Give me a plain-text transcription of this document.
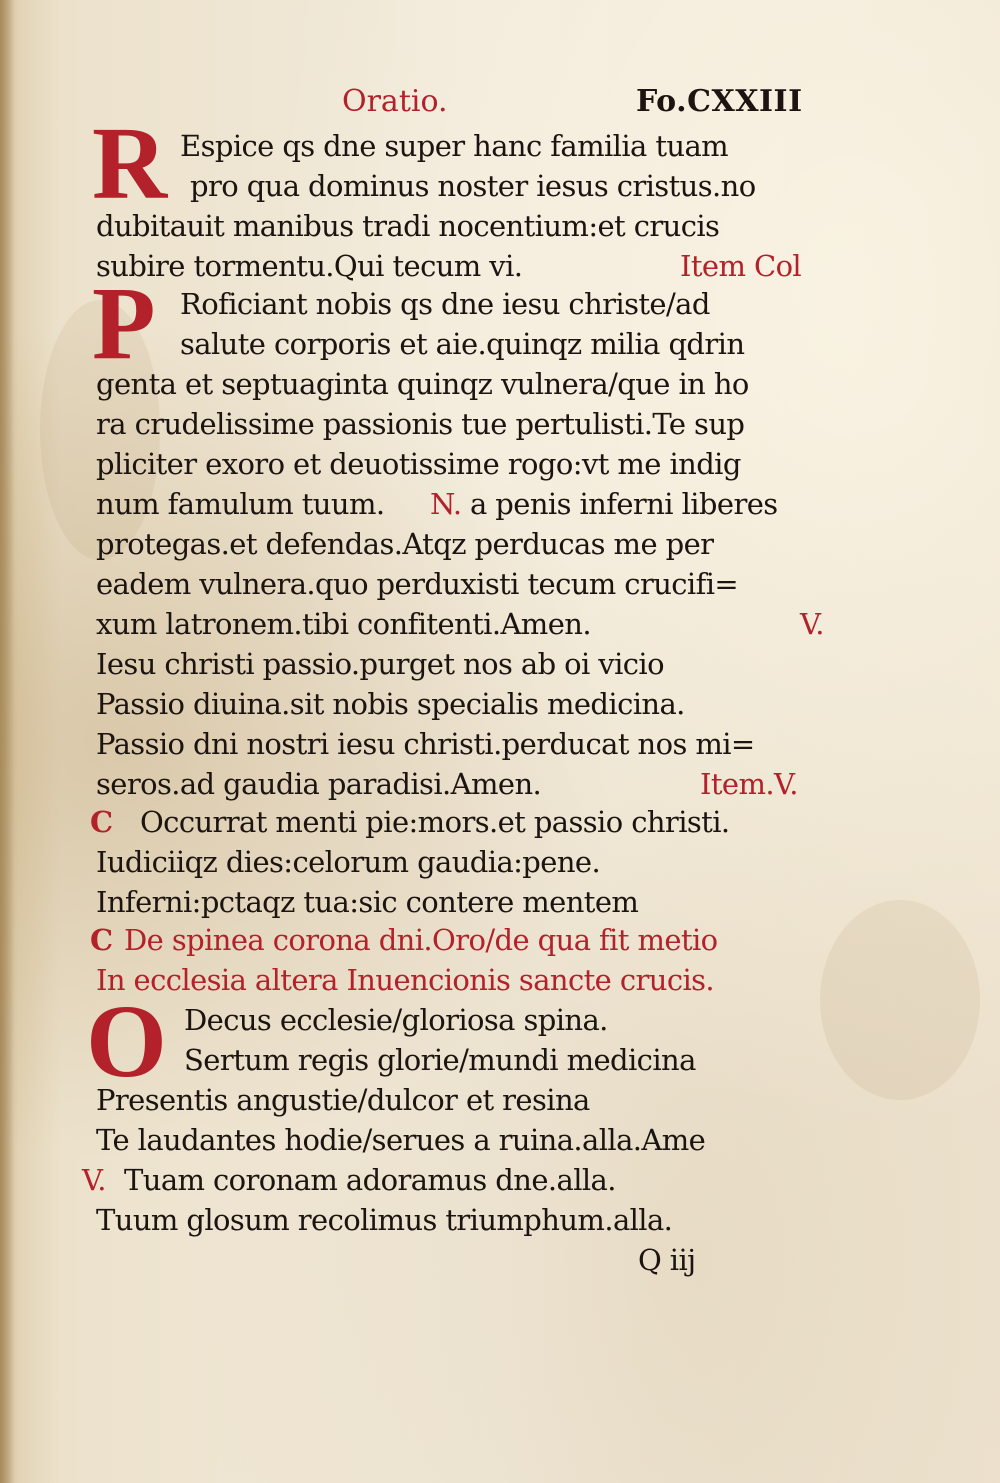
Oratio.	Fo.CXXIII
R
P
O
Espice qs dne super hanc familia tuam
pro qua dominus noster iesus cristus.no
dubitauit manibus tradi nocentium:et crucis
subire tormentu.Qui tecum vi.	Item Col
Roficiant nobis qs dne iesu christe/ad
salute corporis et aie.quinqz milia qdrin
genta et septuaginta quinqz vulnera/que in ho
ra crudelissime passionis tue pertulisti.Te sup
pliciter exoro et deuotissime rogo:vt me indig
num famulum tuum. N. a penis inferni liberes
protegas.et defendas.Atqz perducas me per
eadem vulnera.quo perduxisti tecum crucifi=
xum latronem.tibi confitenti.Amen.	V.
Iesu christi passio.purget nos ab oi vicio
Passio diuina.sit nobis specialis medicina.
Passio dni nostri iesu christi.perducat nos mi=
seros.ad gaudia paradisi.Amen.	Item.V.
C Occurrat menti pie:mors.et passio christi.
Iudiciiqz dies:celorum gaudia:pene.
Inferni:pctaqz tua:sic contere mentem
C De spinea corona dni.Oro/de qua fit metio
In ecclesia altera Inuencionis sancte crucis.
Decus ecclesie/gloriosa spina.
Sertum regis glorie/mundi medicina
Presentis angustie/dulcor et resina
Te laudantes hodie/serues a ruina.alla.Ame
V. Tuam coronam adoramus dne.alla.
Tuum glosum recolimus triumphum.alla.
Q iij
